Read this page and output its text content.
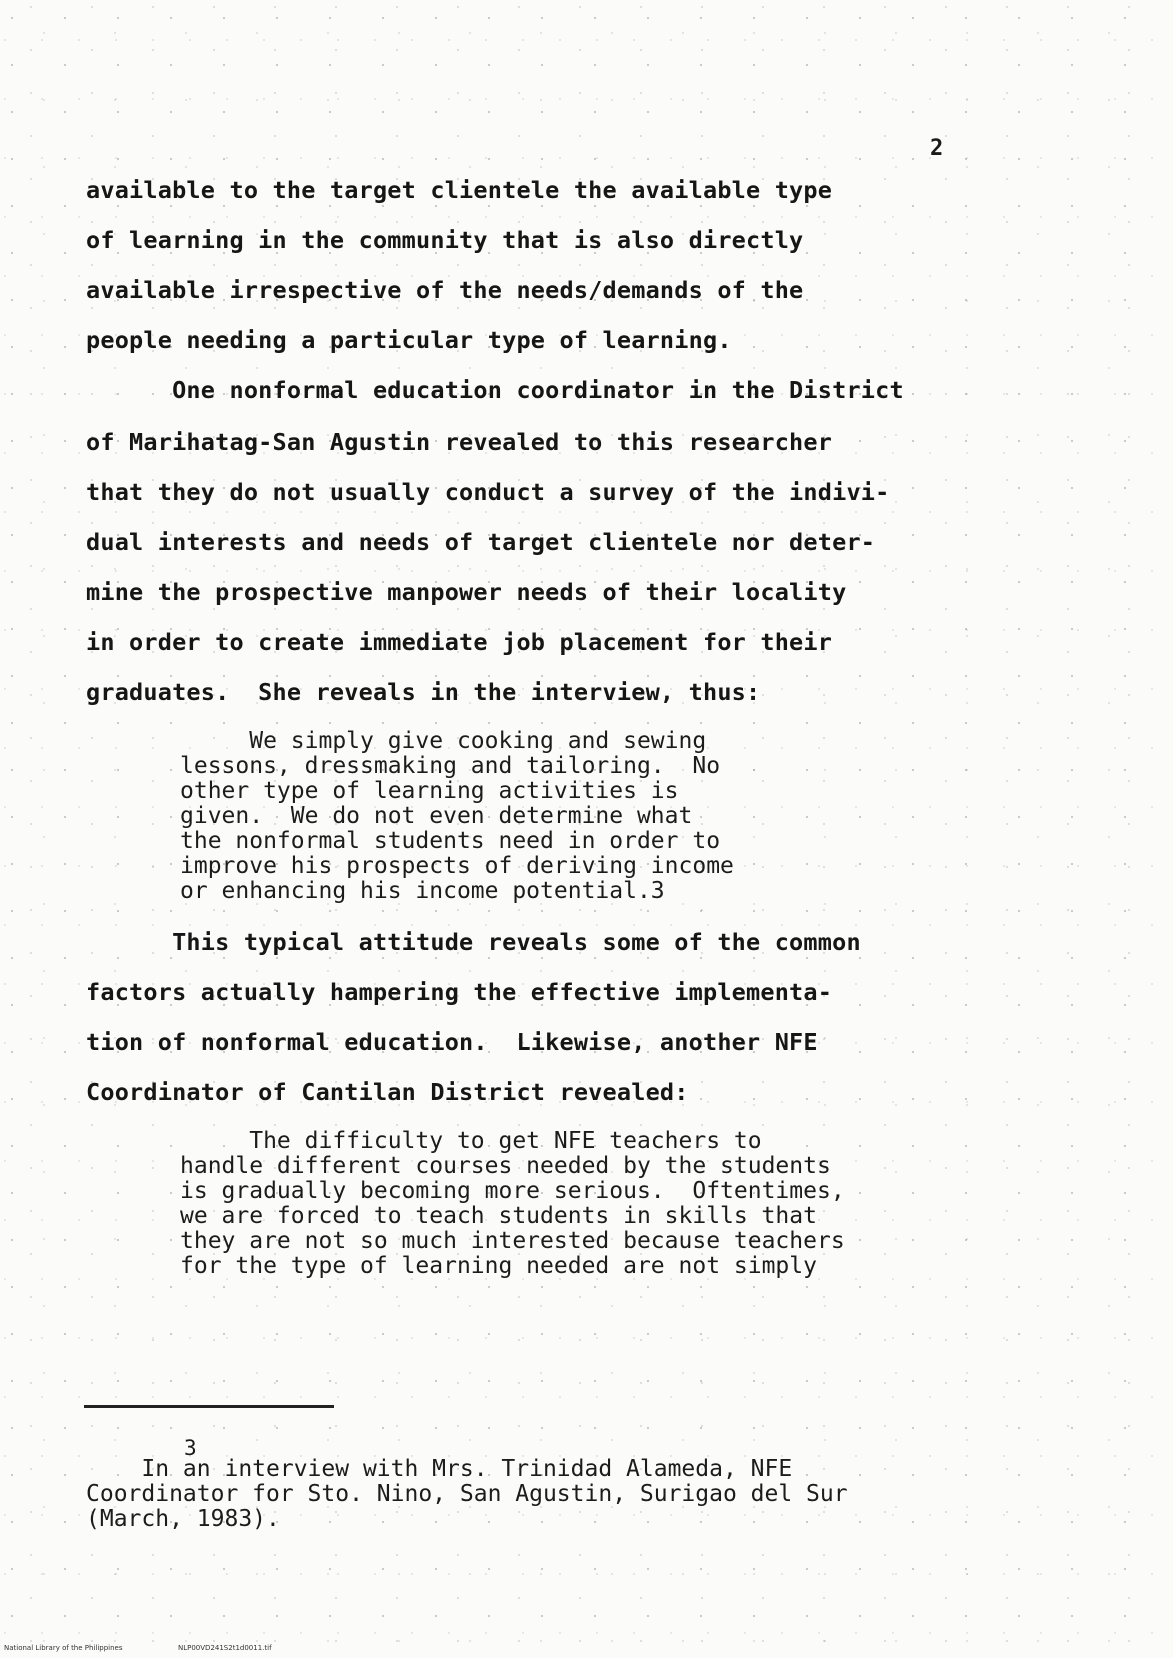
2
available to the target clientele the available type
of learning in the community that is also directly
available irrespective of the needs/demands of the
people needing a particular type of learning.
One nonformal education coordinator in the District
of Marihatag-San Agustin revealed to this researcher
that they do not usually conduct a survey of the indivi-
dual interests and needs of target clientele nor deter-
mine the prospective manpower needs of their locality
in order to create immediate job placement for their
graduates.  She reveals in the interview, thus:
We simply give cooking and sewing
lessons, dressmaking and tailoring.  No
other type of learning activities is
given.  We do not even determine what
the nonformal students need in order to
improve his prospects of deriving income
or enhancing his income potential.3
This typical attitude reveals some of the common
factors actually hampering the effective implementa-
tion of nonformal education.  Likewise, another NFE
Coordinator of Cantilan District revealed:
The difficulty to get NFE teachers to
handle different courses needed by the students
is gradually becoming more serious.  Oftentimes,
we are forced to teach students in skills that
they are not so much interested because teachers
for the type of learning needed are not simply
3
In an interview with Mrs. Trinidad Alameda, NFE
Coordinator for Sto. Nino, San Agustin, Surigao del Sur
(March, 1983).
National Library of the Philippines	NLP00VD241S2t1d0011.tif
